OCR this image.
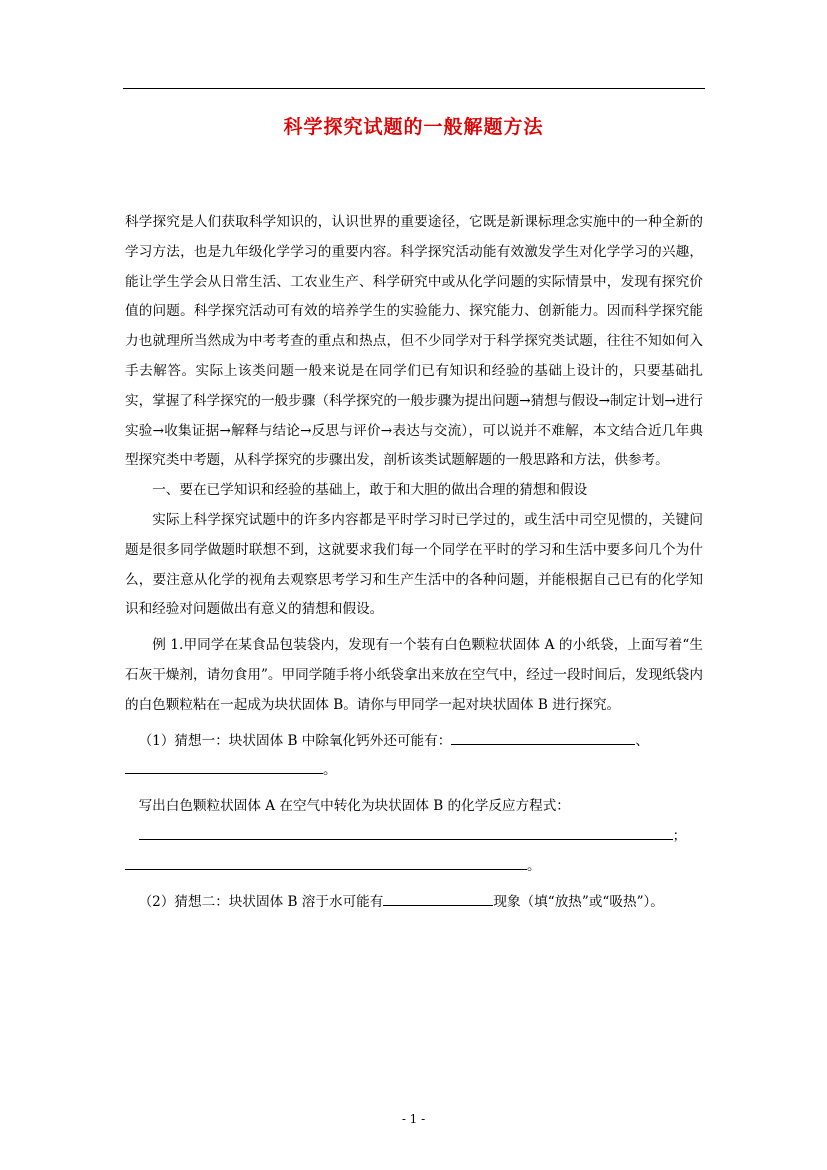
科学探究试题的一般解题方法

科学探究是人们获取科学知识的，认识世界的重要途径，它既是新课标理念实施中的一种全新的学习方法，也是九年级化学学习的重要内容。科学探究活动能有效激发学生对化学学习的兴趣，能让学生学会从日常生活、工农业生产、科学研究中或从化学问题的实际情景中，发现有探究价值的问题。科学探究活动可有效的培养学生的实验能力、探究能力、创新能力。因而科学探究能力也就理所当然成为中考考查的重点和热点，但不少同学对于科学探究类试题，往往不知如何入手去解答。实际上该类问题一般来说是在同学们已有知识和经验的基础上设计的，只要基础扎实，掌握了科学探究的一般步骤（科学探究的一般步骤为提出问题→猜想与假设→制定计划→进行实验→收集证据→解释与结论→反思与评价→表达与交流），可以说并不难解，本文结合近几年典型探究类中考题，从科学探究的步骤出发，剖析该类试题解题的一般思路和方法，供参考。

一、要在已学知识和经验的基础上，敢于和大胆的做出合理的猜想和假设

实际上科学探究试题中的许多内容都是平时学习时已学过的，或生活中司空见惯的，关键问题是很多同学做题时联想不到，这就要求我们每一个同学在平时的学习和生活中要多问几个为什么，要注意从化学的视角去观察思考学习和生产生活中的各种问题，并能根据自己已有的化学知识和经验对问题做出有意义的猜想和假设。

例 1.甲同学在某食品包装袋内，发现有一个装有白色颗粒状固体 A 的小纸袋，上面写着“生石灰干燥剂，请勿食用”。甲同学随手将小纸袋拿出来放在空气中，经过一段时间后，发现纸袋内的白色颗粒粘在一起成为块状固体 B。请你与甲同学一起对块状固体 B 进行探究。

（1）猜想一：块状固体 B 中除氧化钙外还可能有：	、

。

写出白色颗粒状固体 A 在空气中转化为块状固体 B 的化学反应方程式：

；

。

（2）猜想二：块状固体 B 溶于水可能有	现象（填“放热”或“吸热”）。

- 1 -
